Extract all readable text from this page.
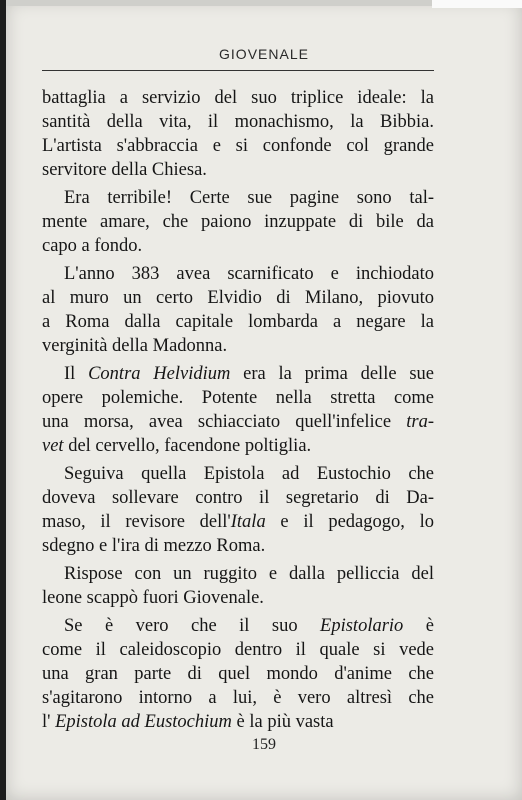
GIOVENALE
battaglia a servizio del suo triplice ideale: la
santità della vita, il monachismo, la Bibbia.
L'artista s'abbraccia e si confonde col grande
servitore della Chiesa.
Era terribile! Certe sue pagine sono tal-
mente amare, che paiono inzuppate di bile da
capo a fondo.
L'anno 383 avea scarnificato e inchiodato
al muro un certo Elvidio di Milano, piovuto
a Roma dalla capitale lombarda a negare la
verginità della Madonna.
Il Contra Helvidium era la prima delle sue
opere polemiche. Potente nella stretta come
una morsa, avea schiacciato quell'infelice tra-
vet del cervello, facendone poltiglia.
Seguiva quella Epistola ad Eustochio che
doveva sollevare contro il segretario di Da-
maso, il revisore dell'Itala e il pedagogo, lo
sdegno e l'ira di mezzo Roma.
Rispose con un ruggito e dalla pelliccia del
leone scappò fuori Giovenale.
Se è vero che il suo Epistolario è
come il caleidoscopio dentro il quale si vede
una gran parte di quel mondo d'anime che
s'agitarono intorno a lui, è vero altresì che
l' Epistola ad Eustochium è la più vasta
159
